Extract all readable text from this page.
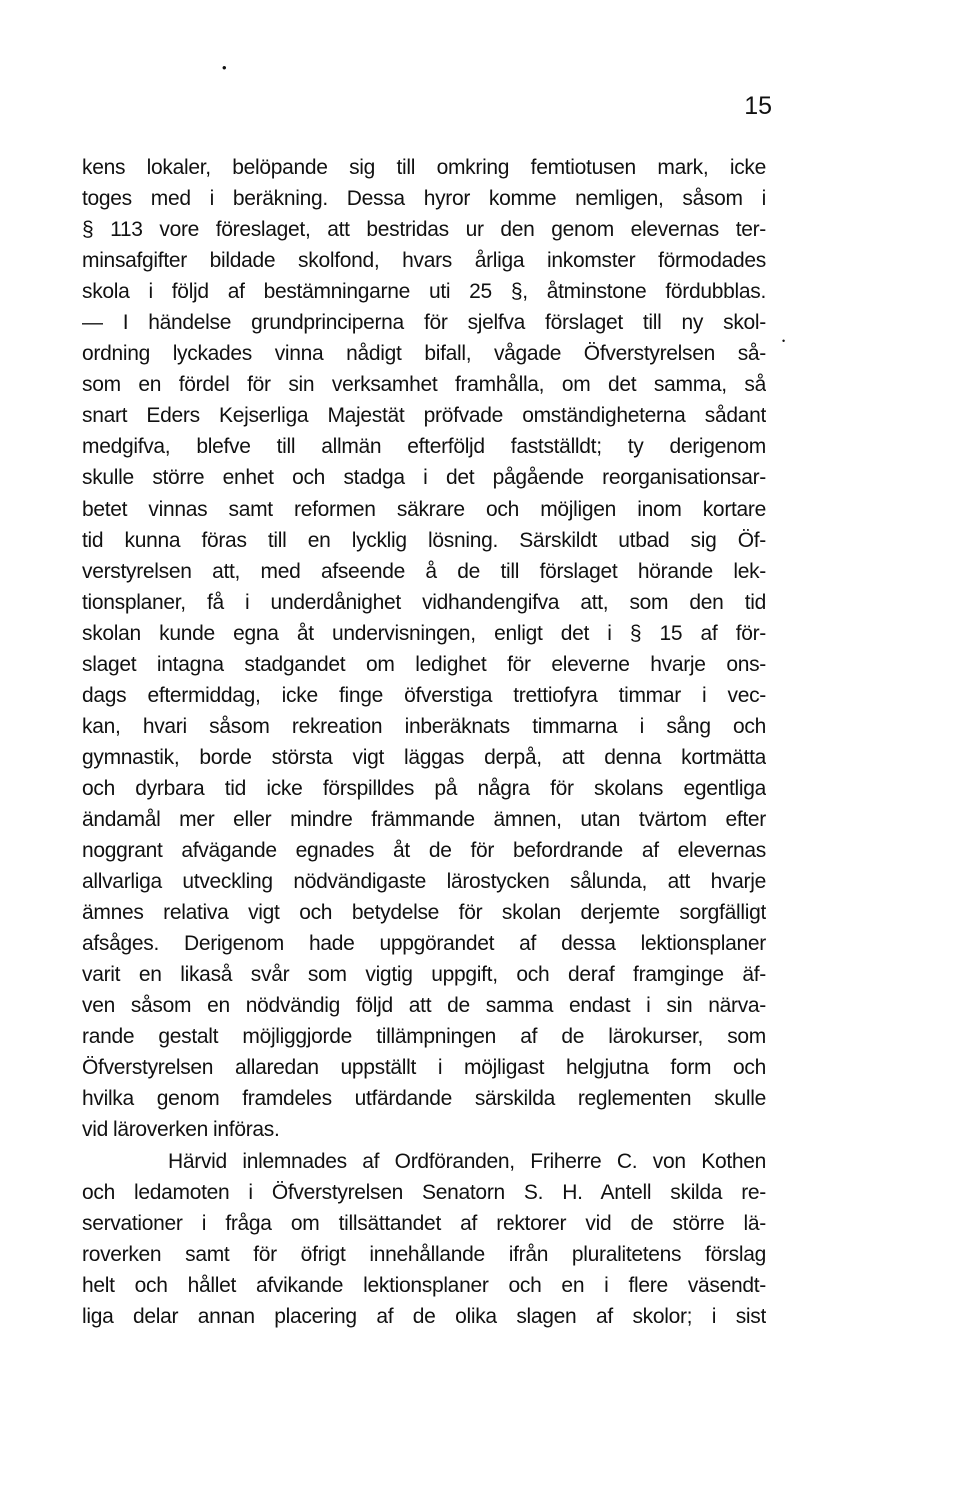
•
15
•
kens lokaler, belöpande sig till omkring femtiotusen mark, icke
toges med i beräkning. Dessa hyror komme nemligen, såsom i
§ 113 vore föreslaget, att bestridas ur den genom elevernas ter-
minsafgifter bildade skolfond, hvars årliga inkomster förmodades
skola i följd af bestämningarne uti 25 §, åtminstone fördubblas.
— I händelse grundprinciperna för sjelfva förslaget till ny skol-
ordning lyckades vinna nådigt bifall, vågade Öfverstyrelsen så-
som en fördel för sin verksamhet framhålla, om det samma, så
snart Eders Kejserliga Majestät pröfvade omständigheterna sådant
medgifva, blefve till allmän efterföljd fastställdt; ty derigenom
skulle större enhet och stadga i det pågående reorganisationsar-
betet vinnas samt reformen säkrare och möjligen inom kortare
tid kunna föras till en lycklig lösning. Särskildt utbad sig Öf-
verstyrelsen att, med afseende å de till förslaget hörande lek-
tionsplaner, få i underdånighet vidhandengifva att, som den tid
skolan kunde egna åt undervisningen, enligt det i § 15 af för-
slaget intagna stadgandet om ledighet för eleverne hvarje ons-
dags eftermiddag, icke finge öfverstiga trettiofyra timmar i vec-
kan, hvari såsom rekreation inberäknats timmarna i sång och
gymnastik, borde största vigt läggas derpå, att denna kortmätta
och dyrbara tid icke förspilldes på några för skolans egentliga
ändamål mer eller mindre främmande ämnen, utan tvärtom efter
noggrant afvägande egnades åt de för befordrande af elevernas
allvarliga utveckling nödvändigaste lärostycken sålunda, att hvarje
ämnes relativa vigt och betydelse för skolan derjemte sorgfälligt
afsåges. Derigenom hade uppgörandet af dessa lektionsplaner
varit en likaså svår som vigtig uppgift, och deraf framginge äf-
ven såsom en nödvändig följd att de samma endast i sin närva-
rande gestalt möjliggjorde tillämpningen af de lärokurser, som
Öfverstyrelsen allaredan uppställt i möjligast helgjutna form och
hvilka genom framdeles utfärdande särskilda reglementen skulle
vid läroverken införas.
Härvid inlemnades af Ordföranden, Friherre C. von Kothen
och ledamoten i Öfverstyrelsen Senatorn S. H. Antell skilda re-
servationer i fråga om tillsättandet af rektorer vid de större lä-
roverken samt för öfrigt innehållande ifrån pluralitetens förslag
helt och hållet afvikande lektionsplaner och en i flere väsendt-
liga delar annan placering af de olika slagen af skolor; i sist
